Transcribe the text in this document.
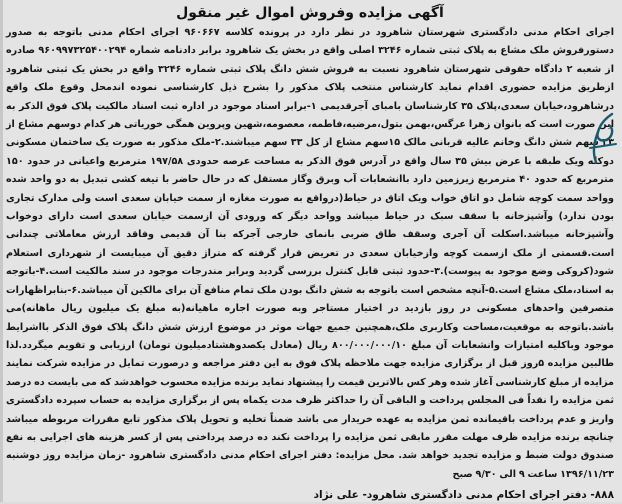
آگهی مزایده وفروش اموال غیر منقول
اجرای احکام مدنی دادگستری شهرستان شاهرود در نظر دارد در پرونده کلاسه ۹۶۰۶۶۷ اجرای احکام مدنی باتوجه به صدور دستورفروش ملک مشاع به پلاک ثبتی شماره ۳۲۴۶ اصلی واقع در بخش یک شاهرود برابر دادنامه شماره ۹۶۰۹۹۷۳۲۵۴۰۰۲۹۴ صادره از شعبه ۲ دادگاه حقوقی شهرستان شاهرود نسبت به فروش شش دانگ پلاک ثبتی شماره ۳۲۴۶ واقع در بخش یک ثبتی شاهرود ازطریق مزایده حضوری اقدام نماید کارشناس منتخب پلاک مذکور را بشرح ذیل کارشناسی نموده اندمحل وقوع ملک واقع درشاهرود،خیابان سعدی،پلاک ۳۵ کارشناسان بامبای آجرقدیمی ۱-برابر اسناد موجود در اداره ثبت اسناد مالکیت پلاک فوق الذکر به این صورت است که بانوان زهرا عرگس،بهمن بتول،مرضیه،فاطمه، معصومه،شهین وپروین همگی خوریاتی هر کدام دوسهم مشاع از ۳۳ سهم شش دانگ وخانم عالیه قربانی مالک ۱۵سهم مشاع از کل ۳۳ سهم میباشند.۲-ملک مذکور به صورت یک ساختمان مسکونی دوکله ویک طبقه با عرض بیش ۳۵ سال واقع در آدرس فوق الذکر به مساحت عرصه حدودی ۱۹۷/۵۸ مترمربع واعیانی در حدود ۱۵۰ مترمربع که حدود ۴۰ مترمربع زیرزمین دارد باانشعابات آب وبرق وگاز مستقل که در حال حاضر با تیغه کشی تبدیل به دو واحد شده وواحد سمت کوچه شامل دو اتاق خواب ویک اتاق در حیاط(درواقع به صورت مغازه از سمت خیابان سعدی است ولی مدارک تجاری بودن ندارد) وآشپزخانه با سقف سبک در حیاط میباشد وواحد دیگر که ورودی آن ازسمت خیابان سعدی است دارای دوخواب وآشپزخانه میباشد.اسکلت آن آجری وسقف طاق ضربی بانمای خارجی آجرکه بنا آن قدیمی وفاقد ارزش معاملاتی چندانی است.قسمتی از ملک ازسمت کوچه وازخیابان سعدی در تعریض قرار گرفته که متراژ دقیق آن میبایست از شهرداری استعلام شود(کروکی وضع موجود به پیوست).۳-حدود ثبتی قابل کنترل بررسی گردید وبرابر مندرجات موجود در سند مالکیت است.۴-باتوجه به اسناد،ملک مشاع است.۵-آنچه مشخص است باتوجه به شش دانگ بودن ملک تمام منافع آن برای مالکین آن میباشد.۶-بنابراظهارات متصرفین واحدهای مسکونی در روز بازدید در اختیار مستاجر وبه صورت اجاره ماهیانه(به مبلغ یک میلیون ریال ماهانه)می باشد.باتوجه به موقعیت،مساحت وکاربری ملک،همچنین جمیع جهات موثر در موضوع ارزش شش دانگ پلاک فوق الذکر بااشرایط موجود وباکلیه امتیازات وانشعابات آن مبلغ ۸۰۰/۰۰۰/۰۰۰/۱۰ ریال (معادل یکصدوهشتادمیلیون تومان) ارزیابی و تقویم میگردد.لذا طالبین مزایده ۵روز قبل از برگزاری مزایده جهت ملاحظه پلاک فوق به این دفتر مراجعه و درصورت تمایل در مزایده شرکت نمایند مزایده از مبلغ کارشناسی آغاز شده وهر کس بالاترین قیمت را پیشنهاد نماید برنده مزایده محسوب خواهدشد که می بایست ده درصد ثمن مزایده را نقداً فی المجلس پرداخت و الباقی آن را حداکثر ظرف مدت یکماه پس از برگزاری مزایده به حساب سپرده دادگستری واریز و عدم پرداخت باقیمانده ثمن مزایده به عهده خریدار می باشد ضمناً تخلیه و تحویل پلاک مذکور تابع مقررات مربوطه میباشد چنانچه برنده مزایده ظرف مهلت مقرر مابقی ثمن مزایده را پرداخت نکند ده درصد پرداختی پس از کسر هزینه های اجرایی به نفع صندوق دولت ضبط و مزایده تجدید خواهد شد. محل مزایده: دفتر اجرای احکام مدنی دادگستری شاهرود -زمان مزایده روز دوشنبه ۱۳۹۶/۱۱/۲۳ ساعت ۹ الی ۹/۳۰ صبح
۸۸۸- دفتر اجرای احکام مدنی دادگستری شاهرود- علی نژاد
